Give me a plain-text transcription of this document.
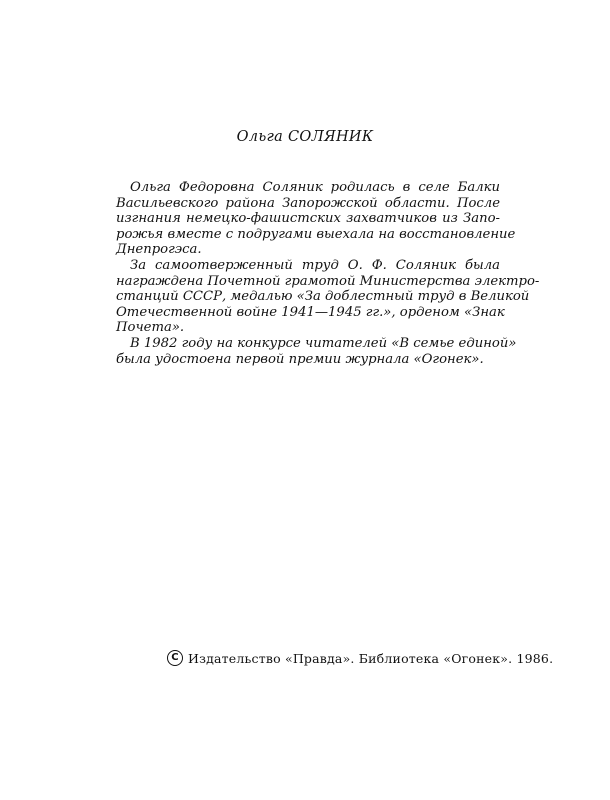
Ольга СОЛЯНИК
Ольга Федоровна Соляник родилась в селе Балки
Васильевского района Запорожской области. После
изгнания немецко-фашистских захватчиков из Запо-
рожья вместе с подругами выехала на восстановление
Днепрогэса.
За самоотверженный труд О. Ф. Соляник была
награждена Почетной грамотой Министерства электро-
станций СССР, медалью «За доблестный труд в Великой
Отечественной войне 1941—1945 гг.», орденом «Знак
Почета».
В 1982 году на конкурсе читателей «В семье единой»
была удостоена первой премии журнала «Огонек».
C Издательство «Правда». Библиотека «Огонек». 1986.
